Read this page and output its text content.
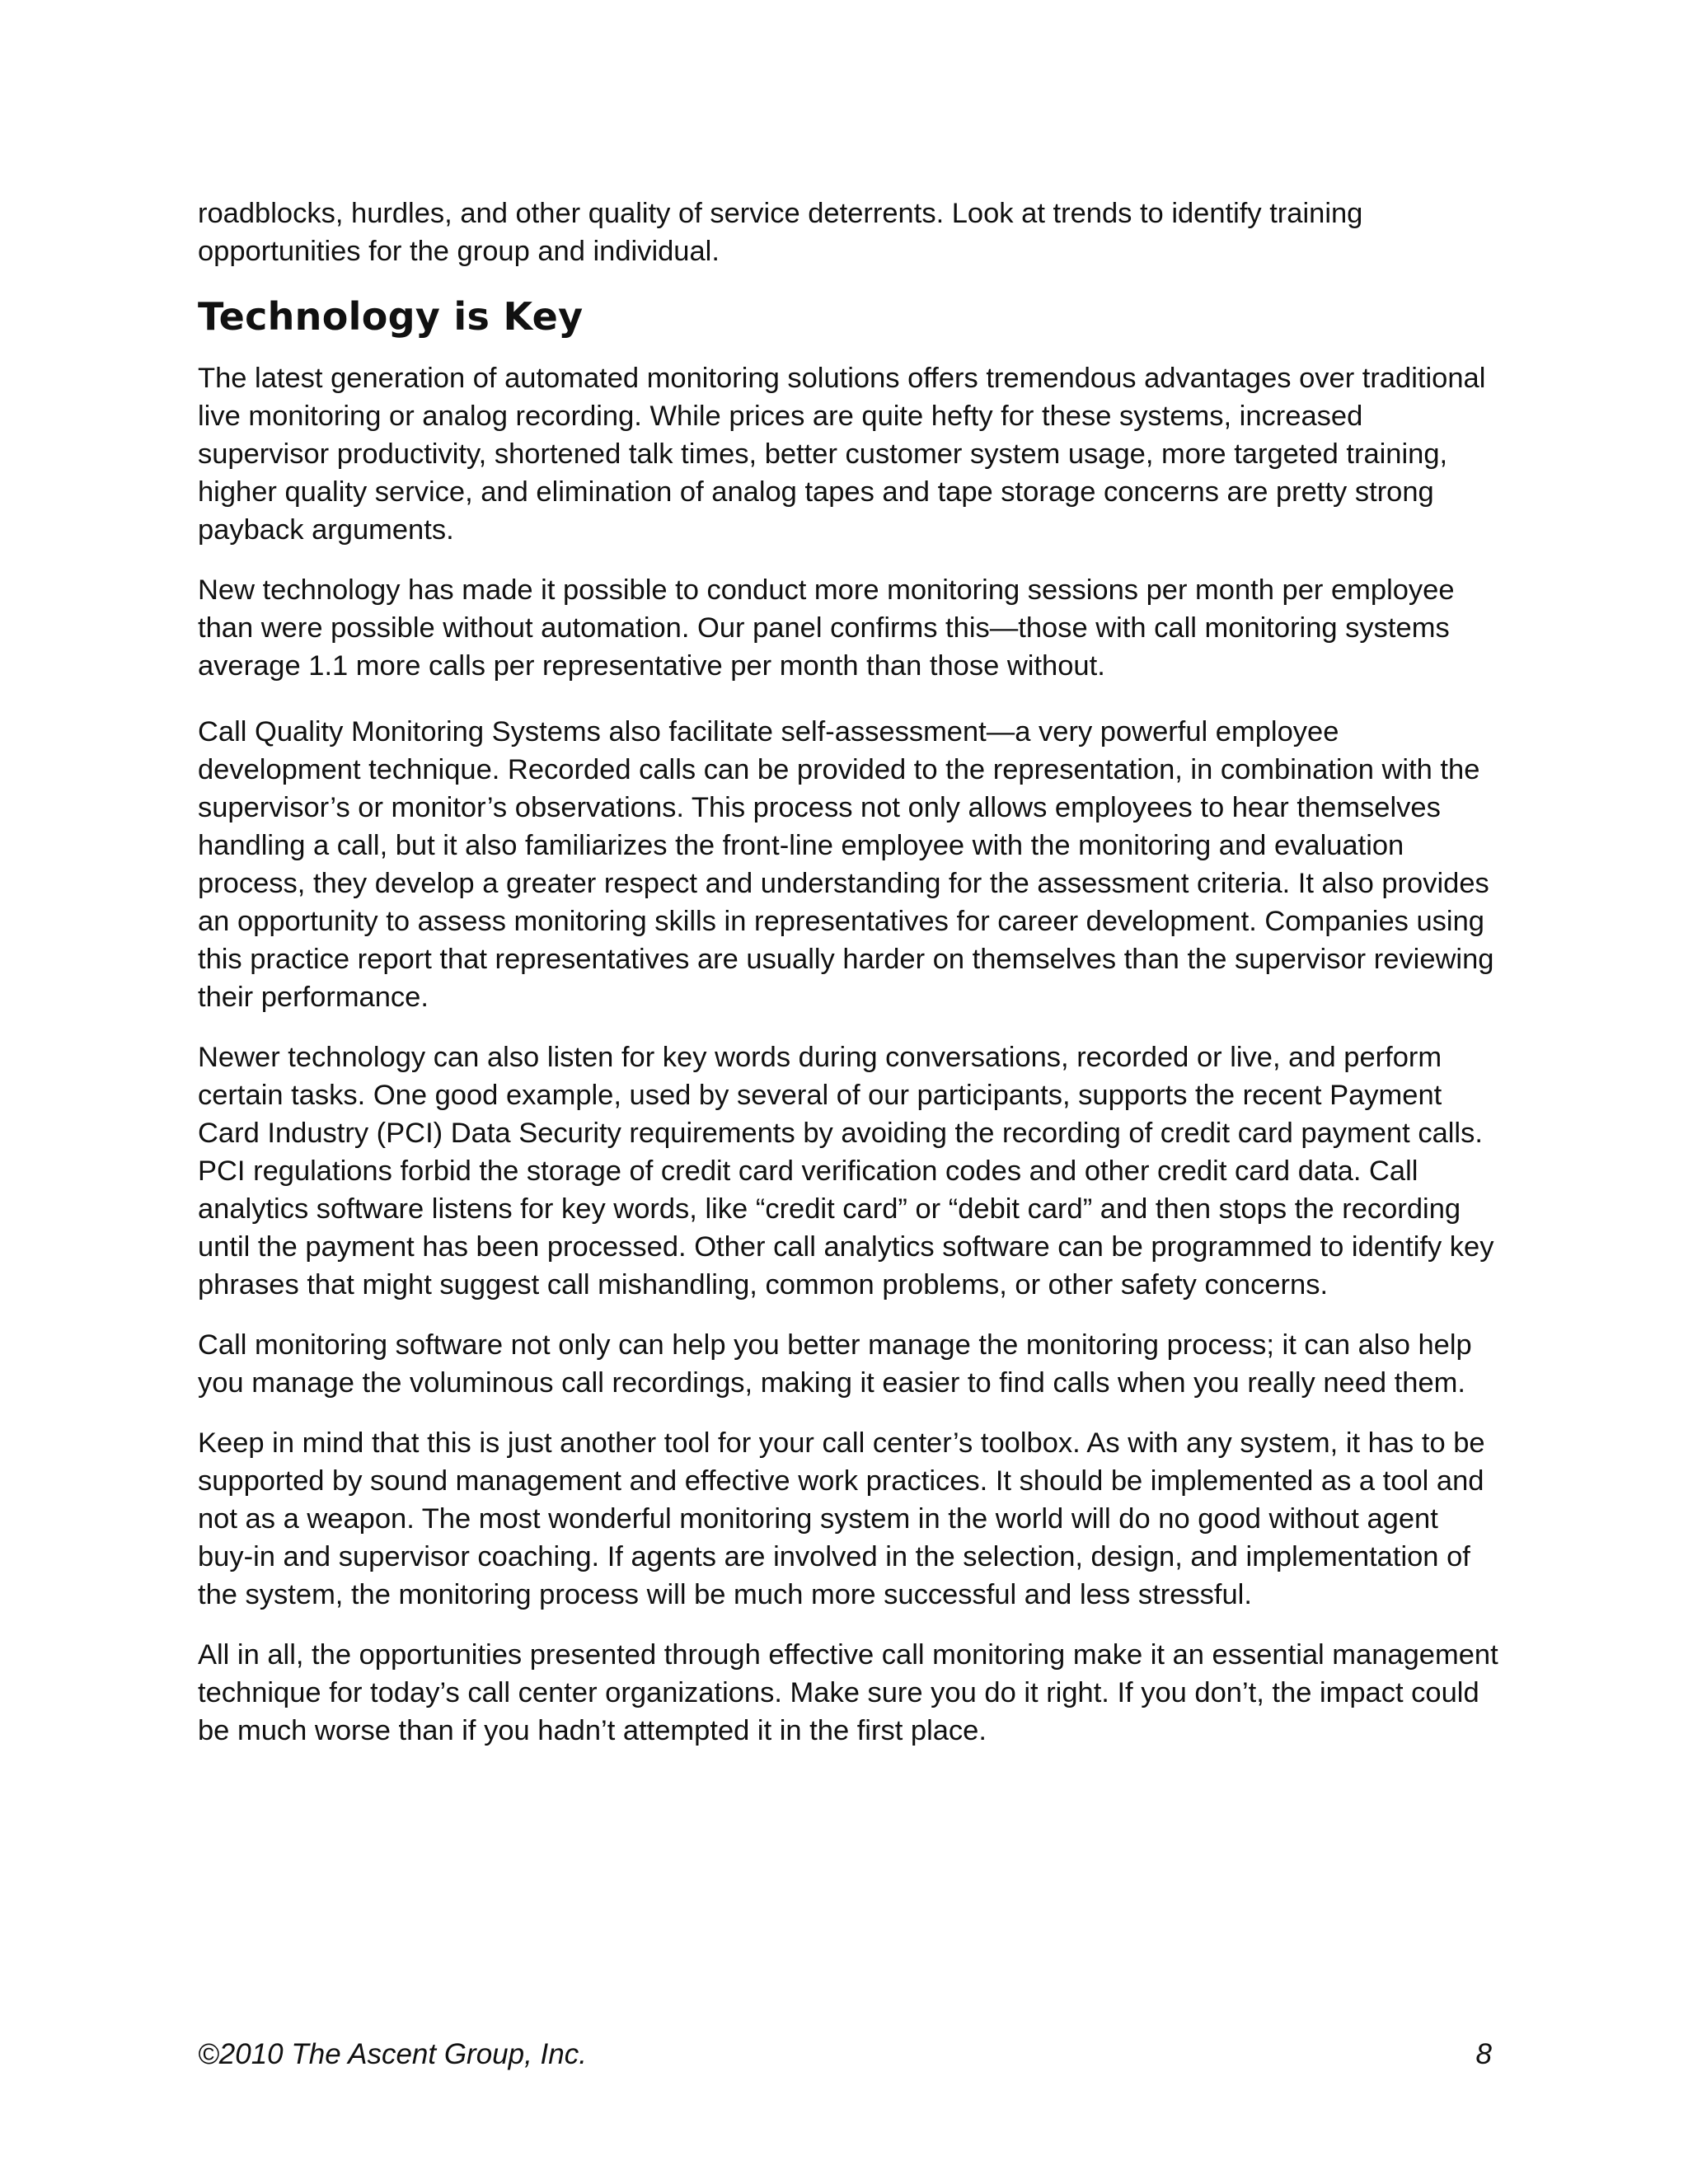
roadblocks, hurdles, and other quality of service deterrents. Look at trends to identify training opportunities for the group and individual.

Technology is Key

The latest generation of automated monitoring solutions offers tremendous advantages over traditional live monitoring or analog recording. While prices are quite hefty for these systems, increased supervisor productivity, shortened talk times, better customer system usage, more targeted training, higher quality service, and elimination of analog tapes and tape storage concerns are pretty strong payback arguments.

New technology has made it possible to conduct more monitoring sessions per month per employee than were possible without automation. Our panel confirms this—those with call monitoring systems average 1.1 more calls per representative per month than those without.

Call Quality Monitoring Systems also facilitate self-assessment—a very powerful employee development technique. Recorded calls can be provided to the representation, in combination with the supervisor’s or monitor’s observations. This process not only allows employees to hear themselves handling a call, but it also familiarizes the front-line employee with the monitoring and evaluation process, they develop a greater respect and understanding for the assessment criteria. It also provides an opportunity to assess monitoring skills in representatives for career development. Companies using this practice report that representatives are usually harder on themselves than the supervisor reviewing their performance.

Newer technology can also listen for key words during conversations, recorded or live, and perform certain tasks. One good example, used by several of our participants, supports the recent Payment Card Industry (PCI) Data Security requirements by avoiding the recording of credit card payment calls. PCI regulations forbid the storage of credit card verification codes and other credit card data. Call analytics software listens for key words, like “credit card” or “debit card” and then stops the recording until the payment has been processed. Other call analytics software can be programmed to identify key phrases that might suggest call mishandling, common problems, or other safety concerns.

Call monitoring software not only can help you better manage the monitoring process; it can also help you manage the voluminous call recordings, making it easier to find calls when you really need them.

Keep in mind that this is just another tool for your call center’s toolbox. As with any system, it has to be supported by sound management and effective work practices. It should be implemented as a tool and not as a weapon. The most wonderful monitoring system in the world will do no good without agent buy-in and supervisor coaching. If agents are involved in the selection, design, and implementation of the system, the monitoring process will be much more successful and less stressful.

All in all, the opportunities presented through effective call monitoring make it an essential management technique for today’s call center organizations. Make sure you do it right. If you don’t, the impact could be much worse than if you hadn’t attempted it in the first place.

©2010 The Ascent Group, Inc.	8
